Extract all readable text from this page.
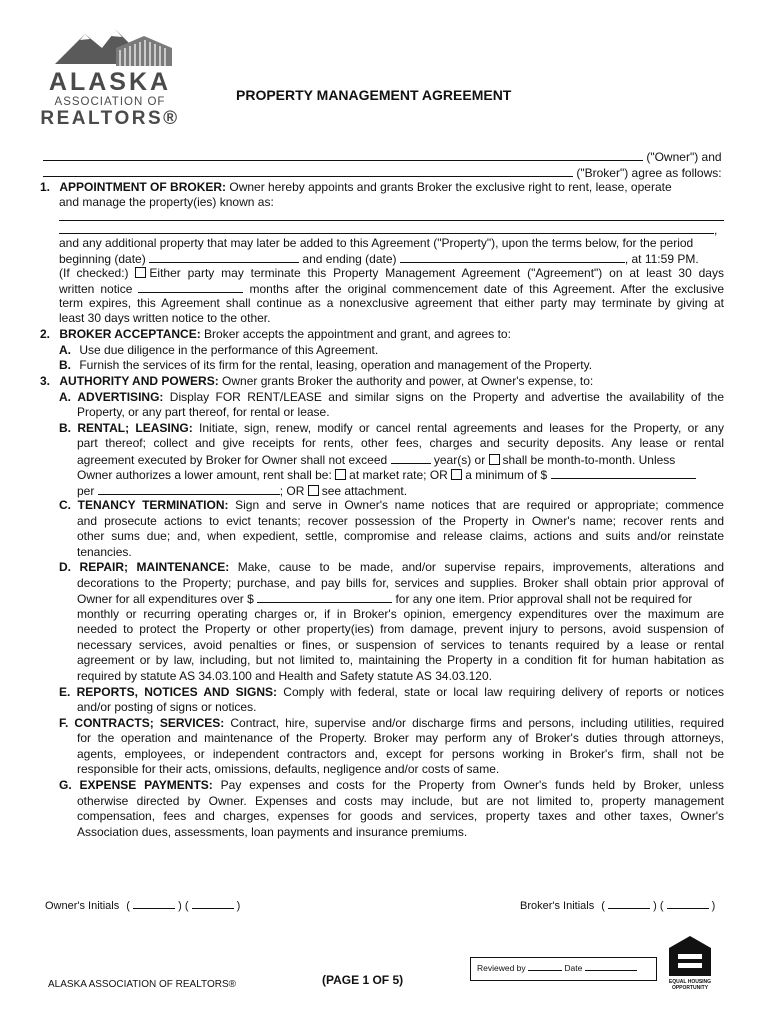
ALASKA
ASSOCIATION OF
REALTORS®
PROPERTY MANAGEMENT AGREEMENT
("Owner") and
("Broker") agree as follows:
1. APPOINTMENT OF BROKER: Owner hereby appoints and grants Broker the exclusive right to rent, lease, operate
and manage the property(ies) known as:
,
and any additional property that may later be added to this Agreement ("Property"), upon the terms below, for the period
beginning (date)	and ending (date)	, at 11:59 PM.
(If checked:) Either party may terminate this Property Management Agreement ("Agreement") on at least 30 days
written notice	months after the original commencement date of this Agreement. After the exclusive
term expires, this Agreement shall continue as a nonexclusive agreement that either party may terminate by giving at
least 30 days written notice to the other.
2. BROKER ACCEPTANCE: Broker accepts the appointment and grant, and agrees to:
A. Use due diligence in the performance of this Agreement.
B. Furnish the services of its firm for the rental, leasing, operation and management of the Property.
3. AUTHORITY AND POWERS: Owner grants Broker the authority and power, at Owner's expense, to:
A. ADVERTISING: Display FOR RENT/LEASE and similar signs on the Property and advertise the availability of the
Property, or any part thereof, for rental or lease.
B. RENTAL; LEASING: Initiate, sign, renew, modify or cancel rental agreements and leases for the Property, or any
part thereof; collect and give receipts for rents, other fees, charges and security deposits. Any lease or rental
agreement executed by Broker for Owner shall not exceed	year(s) or shall be month-to-month. Unless
Owner authorizes a lower amount, rent shall be: at market rate; OR a minimum of $
per	; OR see attachment.
C. TENANCY TERMINATION: Sign and serve in Owner's name notices that are required or appropriate; commence
and prosecute actions to evict tenants; recover possession of the Property in Owner's name; recover rents and
other sums due; and, when expedient, settle, compromise and release claims, actions and suits and/or reinstate
tenancies.
D. REPAIR; MAINTENANCE: Make, cause to be made, and/or supervise repairs, improvements, alterations and
decorations to the Property; purchase, and pay bills for, services and supplies. Broker shall obtain prior approval of
Owner for all expenditures over $	for any one item. Prior approval shall not be required for
monthly or recurring operating charges or, if in Broker's opinion, emergency expenditures over the maximum are
needed to protect the Property or other property(ies) from damage, prevent injury to persons, avoid suspension of
necessary services, avoid penalties or fines, or suspension of services to tenants required by a lease or rental
agreement or by law, including, but not limited to, maintaining the Property in a condition fit for human habitation as
required by statute AS 34.03.100 and Health and Safety statute AS 34.03.120.
E. REPORTS, NOTICES AND SIGNS: Comply with federal, state or local law requiring delivery of reports or notices
and/or posting of signs or notices.
F. CONTRACTS; SERVICES: Contract, hire, supervise and/or discharge firms and persons, including utilities, required
for the operation and maintenance of the Property. Broker may perform any of Broker's duties through attorneys,
agents, employees, or independent contractors and, except for persons working in Broker's firm, shall not be
responsible for their acts, omissions, defaults, negligence and/or costs of same.
G. EXPENSE PAYMENTS: Pay expenses and costs for the Property from Owner's funds held by Broker, unless
otherwise directed by Owner. Expenses and costs may include, but are not limited to, property management
compensation, fees and charges, expenses for goods and services, property taxes and other taxes, Owner's
Association dues, assessments, loan payments and insurance premiums.
Owner's Initials (	) (	)	Broker's Initials (	) (	)
ALASKA ASSOCIATION OF REALTORS®	(PAGE 1 OF 5)
Reviewed by	Date
EQUAL HOUSING
OPPORTUNITY
